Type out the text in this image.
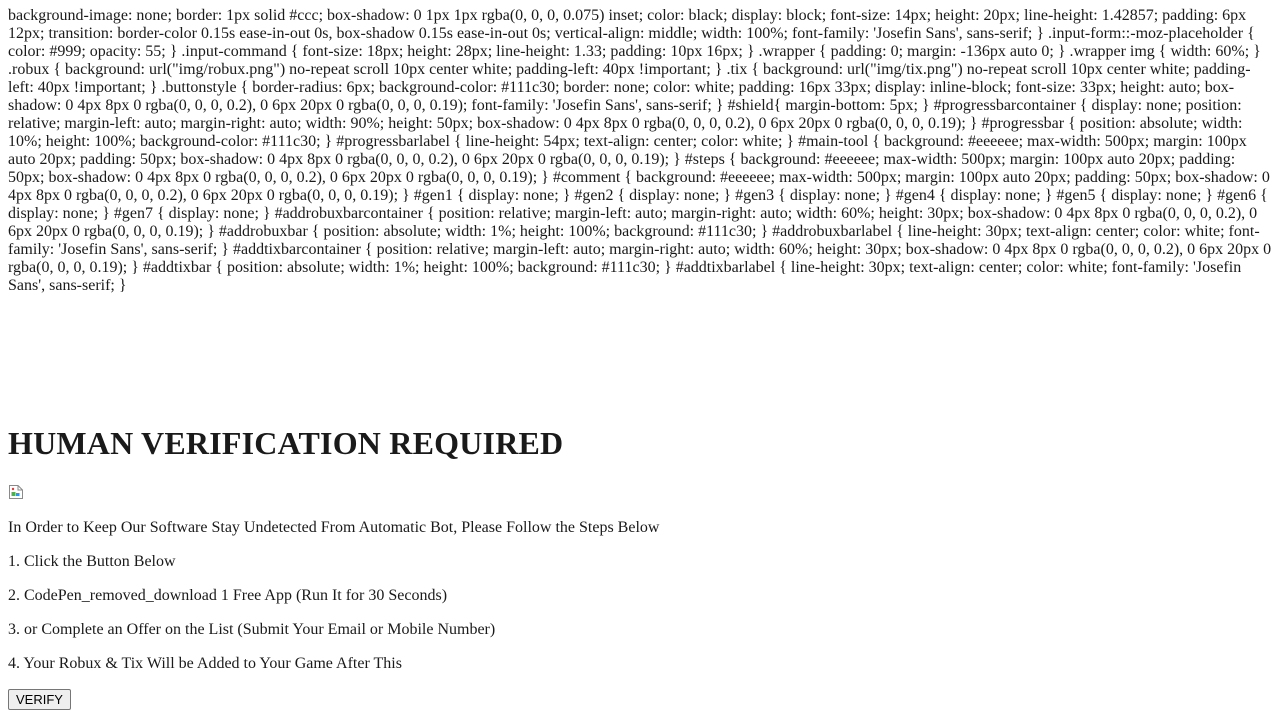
background-image: none; border: 1px solid #ccc; box-shadow: 0 1px 1px rgba(0, 0, 0, 0.075) inset; color: black; display: block; font-size: 14px; height: 20px; line-height: 1.42857; padding: 6px 12px; transition: border-color 0.15s ease-in-out 0s, box-shadow 0.15s ease-in-out 0s; vertical-align: middle; width: 100%; font-family: 'Josefin Sans', sans-serif; } .input-form::-moz-placeholder { color: #999; opacity: 55; } .input-command { font-size: 18px; height: 28px; line-height: 1.33; padding: 10px 16px; } .wrapper { padding: 0; margin: -136px auto 0; } .wrapper img { width: 60%; } .robux { background: url("img/robux.png") no-repeat scroll 10px center white; padding-left: 40px !important; } .tix { background: url("img/tix.png") no-repeat scroll 10px center white; padding-left: 40px !important; } .buttonstyle { border-radius: 6px; background-color: #111c30; border: none; color: white; padding: 16px 33px; display: inline-block; font-size: 33px; height: auto; box-shadow: 0 4px 8px 0 rgba(0, 0, 0, 0.2), 0 6px 20px 0 rgba(0, 0, 0, 0.19); font-family: 'Josefin Sans', sans-serif; } #shield{ margin-bottom: 5px; } #progressbarcontainer { display: none; position: relative; margin-left: auto; margin-right: auto; width: 90%; height: 50px; box-shadow: 0 4px 8px 0 rgba(0, 0, 0, 0.2), 0 6px 20px 0 rgba(0, 0, 0, 0.19); } #progressbar { position: absolute; width: 10%; height: 100%; background-color: #111c30; } #progressbarlabel { line-height: 54px; text-align: center; color: white; } #main-tool { background: #eeeeee; max-width: 500px; margin: 100px auto 20px; padding: 50px; box-shadow: 0 4px 8px 0 rgba(0, 0, 0, 0.2), 0 6px 20px 0 rgba(0, 0, 0, 0.19); } #steps { background: #eeeeee; max-width: 500px; margin: 100px auto 20px; padding: 50px; box-shadow: 0 4px 8px 0 rgba(0, 0, 0, 0.2), 0 6px 20px 0 rgba(0, 0, 0, 0.19); } #comment { background: #eeeeee; max-width: 500px; margin: 100px auto 20px; padding: 50px; box-shadow: 0 4px 8px 0 rgba(0, 0, 0, 0.2), 0 6px 20px 0 rgba(0, 0, 0, 0.19); } #gen1 { display: none; } #gen2 { display: none; } #gen3 { display: none; } #gen4 { display: none; } #gen5 { display: none; } #gen6 { display: none; } #gen7 { display: none; } #addrobuxbarcontainer { position: relative; margin-left: auto; margin-right: auto; width: 60%; height: 30px; box-shadow: 0 4px 8px 0 rgba(0, 0, 0, 0.2), 0 6px 20px 0 rgba(0, 0, 0, 0.19); } #addrobuxbar { position: absolute; width: 1%; height: 100%; background: #111c30; } #addrobuxbarlabel { line-height: 30px; text-align: center; color: white; font-family: 'Josefin Sans', sans-serif; } #addtixbarcontainer { position: relative; margin-left: auto; margin-right: auto; width: 60%; height: 30px; box-shadow: 0 4px 8px 0 rgba(0, 0, 0, 0.2), 0 6px 20px 0 rgba(0, 0, 0, 0.19); } #addtixbar { position: absolute; width: 1%; height: 100%; background: #111c30; } #addtixbarlabel { line-height: 30px; text-align: center; color: white; font-family: 'Josefin Sans', sans-serif; }
HUMAN VERIFICATION REQUIRED

In Order to Keep Our Software Stay Undetected From Automatic Bot, Please Follow the Steps Below

1. Click the Button Below

2. CodePen_removed_download 1 Free App (Run It for 30 Seconds)

3. or Complete an Offer on the List (Submit Your Email or Mobile Number)

4. Your Robux & Tix Will be Added to Your Game After This

VERIFY
